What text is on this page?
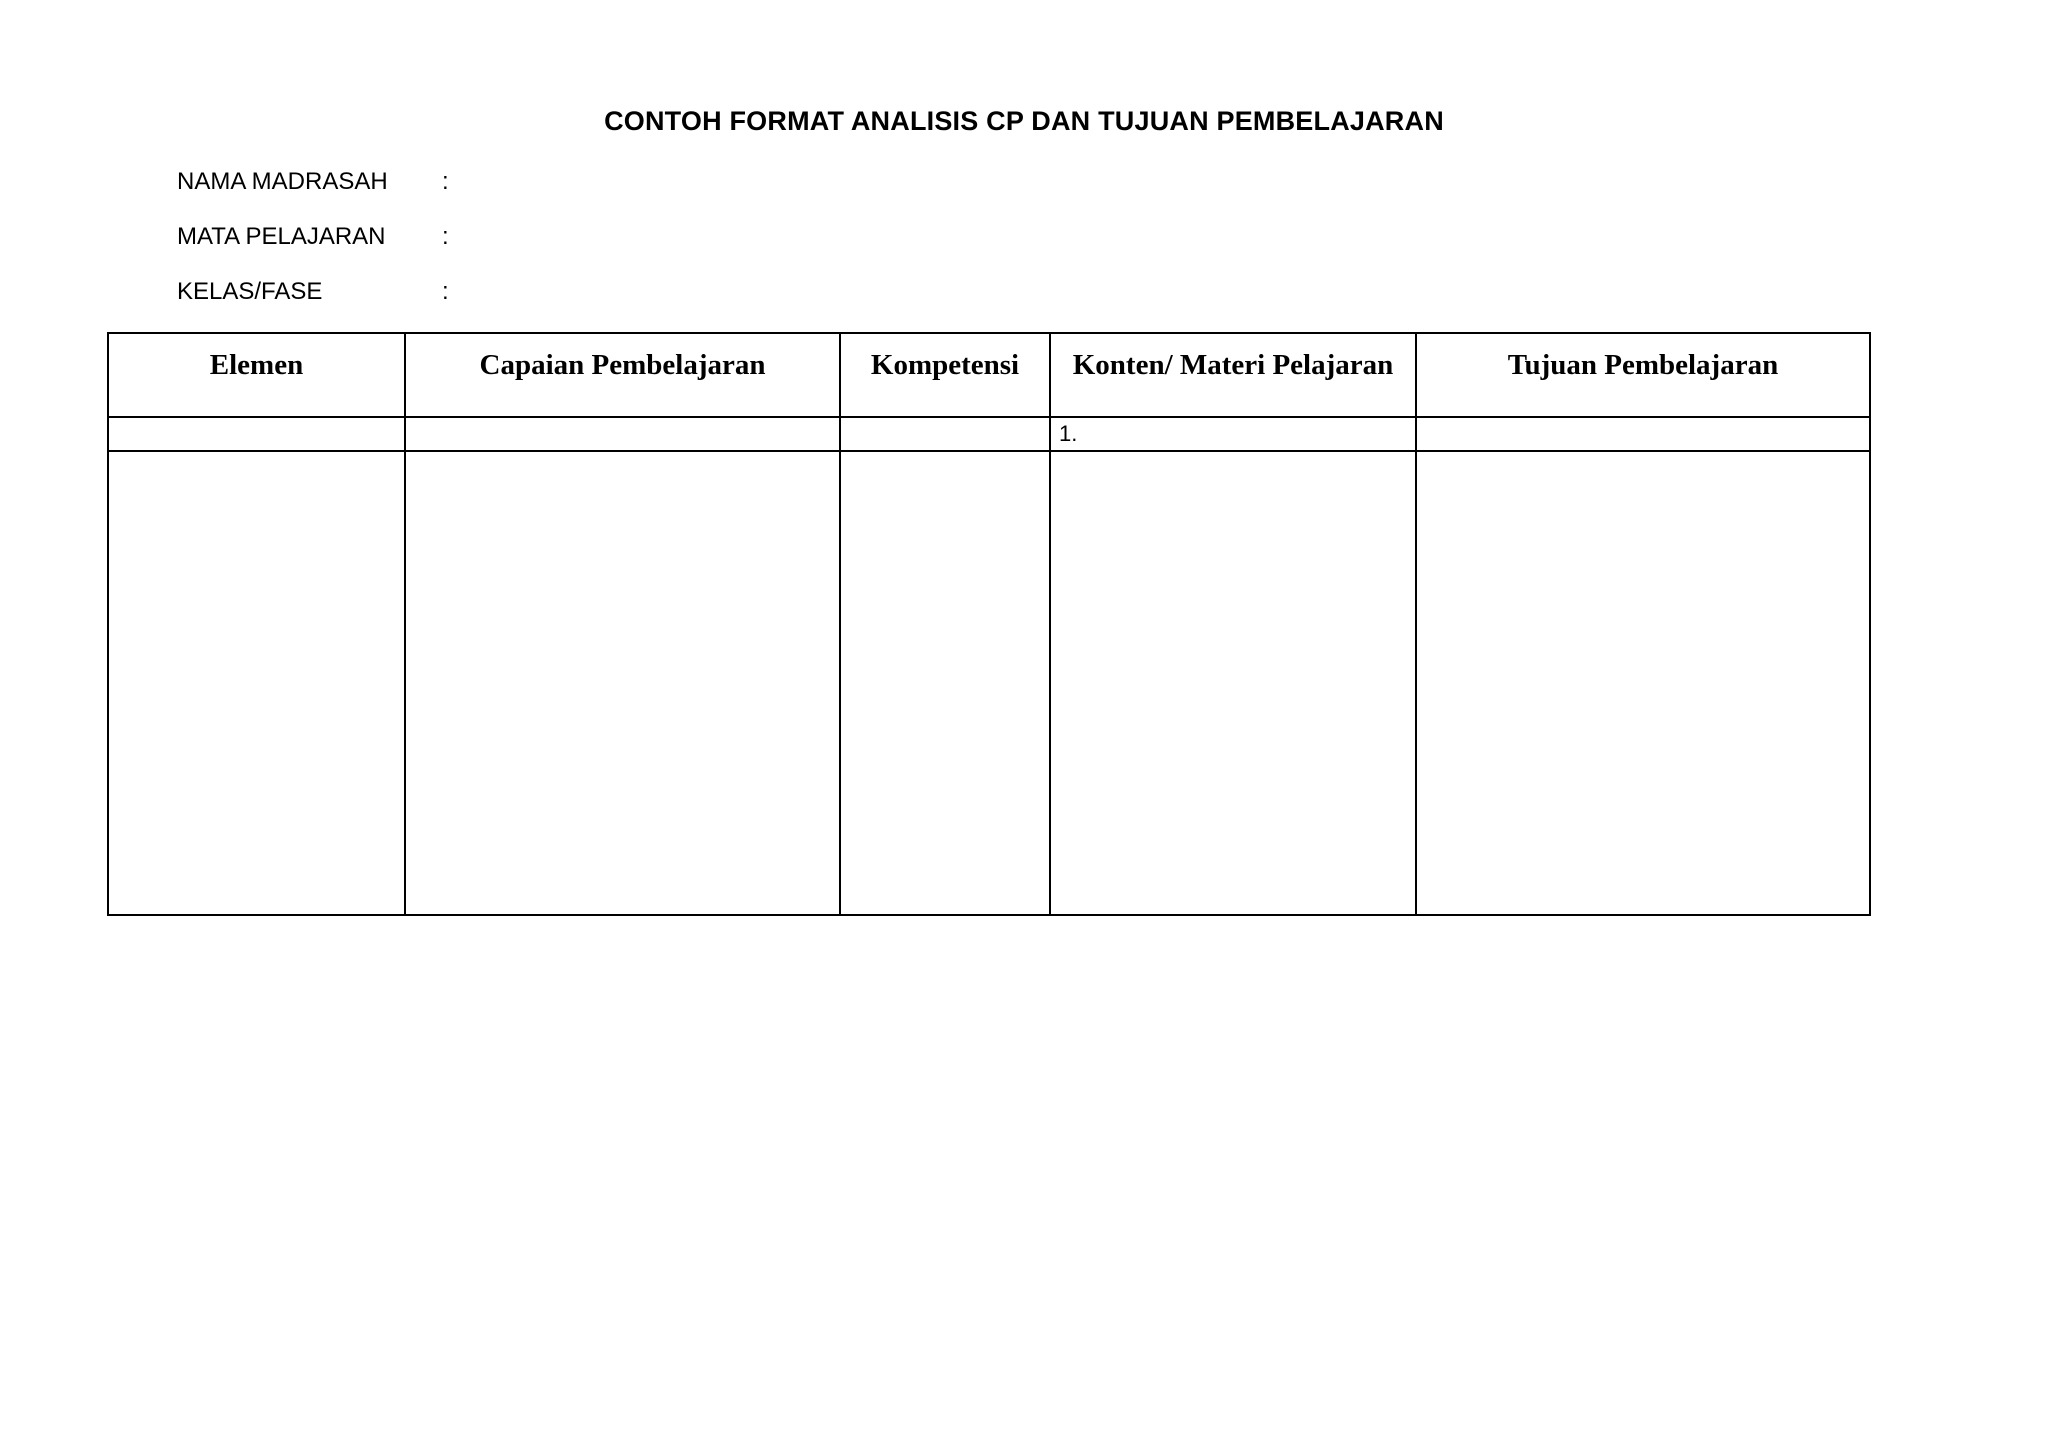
CONTOH FORMAT ANALISIS CP DAN TUJUAN PEMBELAJARAN
NAMA MADRASAH :
MATA PELAJARAN :
KELAS/FASE	:
Elemen	Capaian Pembelajaran	Kompetensi	Konten/ Materi Pelajaran	Tujuan Pembelajaran
			1.	
